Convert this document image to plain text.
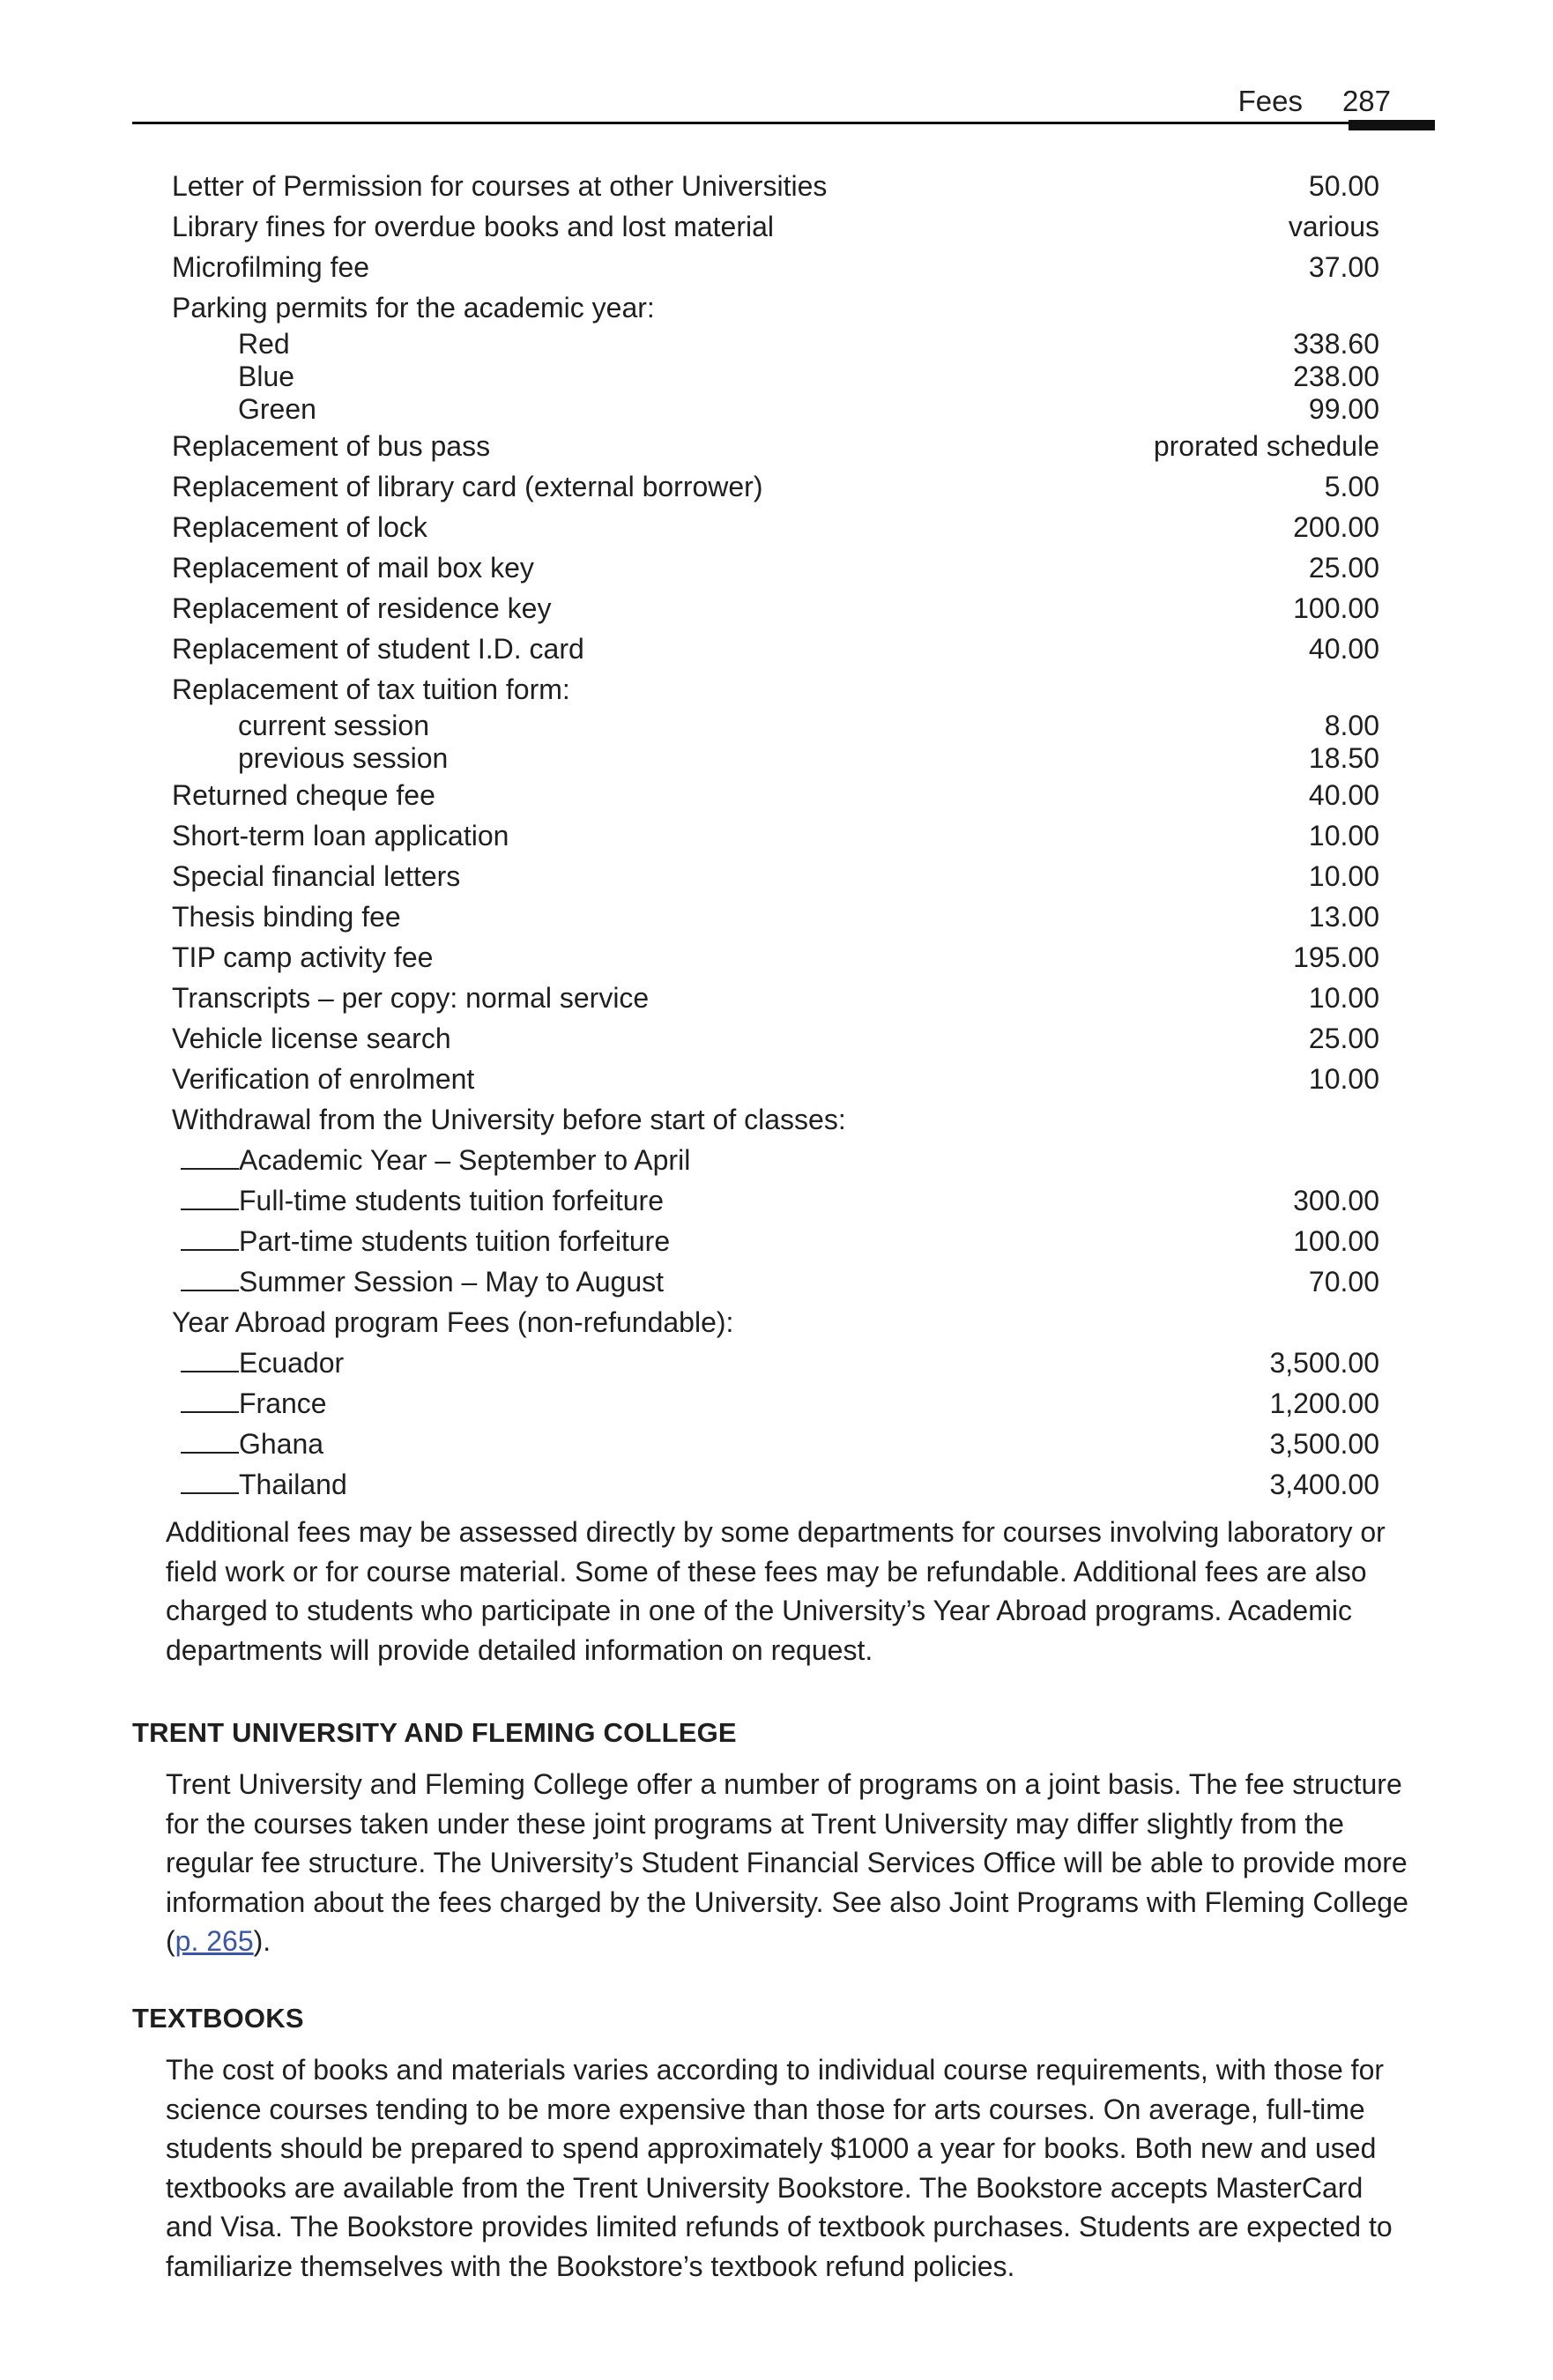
Fees 287
Letter of Permission for courses at other Universities	50.00
Library fines for overdue books and lost material	various
Microfilming fee	37.00
Parking permits for the academic year:
Red	338.60
Blue	238.00
Green	99.00
Replacement of bus pass	prorated schedule
Replacement of library card (external borrower)	5.00
Replacement of lock	200.00
Replacement of mail box key	25.00
Replacement of residence key	100.00
Replacement of student I.D. card	40.00
Replacement of tax tuition form:
current session	8.00
previous session	18.50
Returned cheque fee	40.00
Short-term loan application	10.00
Special financial letters	10.00
Thesis binding fee	13.00
TIP camp activity fee	195.00
Transcripts – per copy: normal service	10.00
Vehicle license search	25.00
Verification of enrolment	10.00
Withdrawal from the University before start of classes:
Academic Year – September to April
Full-time students tuition forfeiture	300.00
Part-time students tuition forfeiture	100.00
Summer Session – May to August	70.00
Year Abroad program Fees (non-refundable):
Ecuador	3,500.00
France	1,200.00
Ghana	3,500.00
Thailand	3,400.00
Additional fees may be assessed directly by some departments for courses involving laboratory or
field work or for course material. Some of these fees may be refundable. Additional fees are also
charged to students who participate in one of the University’s Year Abroad programs. Academic
departments will provide detailed information on request.
TRENT UNIVERSITY AND FLEMING COLLEGE
Trent University and Fleming College offer a number of programs on a joint basis. The fee structure
for the courses taken under these joint programs at Trent University may differ slightly from the
regular fee structure. The University’s Student Financial Services Office will be able to provide more
information about the fees charged by the University. See also Joint Programs with Fleming College
(p. 265).
TEXTBOOKS
The cost of books and materials varies according to individual course requirements, with those for
science courses tending to be more expensive than those for arts courses. On average, full-time
students should be prepared to spend approximately $1000 a year for books. Both new and used
textbooks are available from the Trent University Bookstore. The Bookstore accepts MasterCard
and Visa. The Bookstore provides limited refunds of textbook purchases. Students are expected to
familiarize themselves with the Bookstore’s textbook refund policies.
